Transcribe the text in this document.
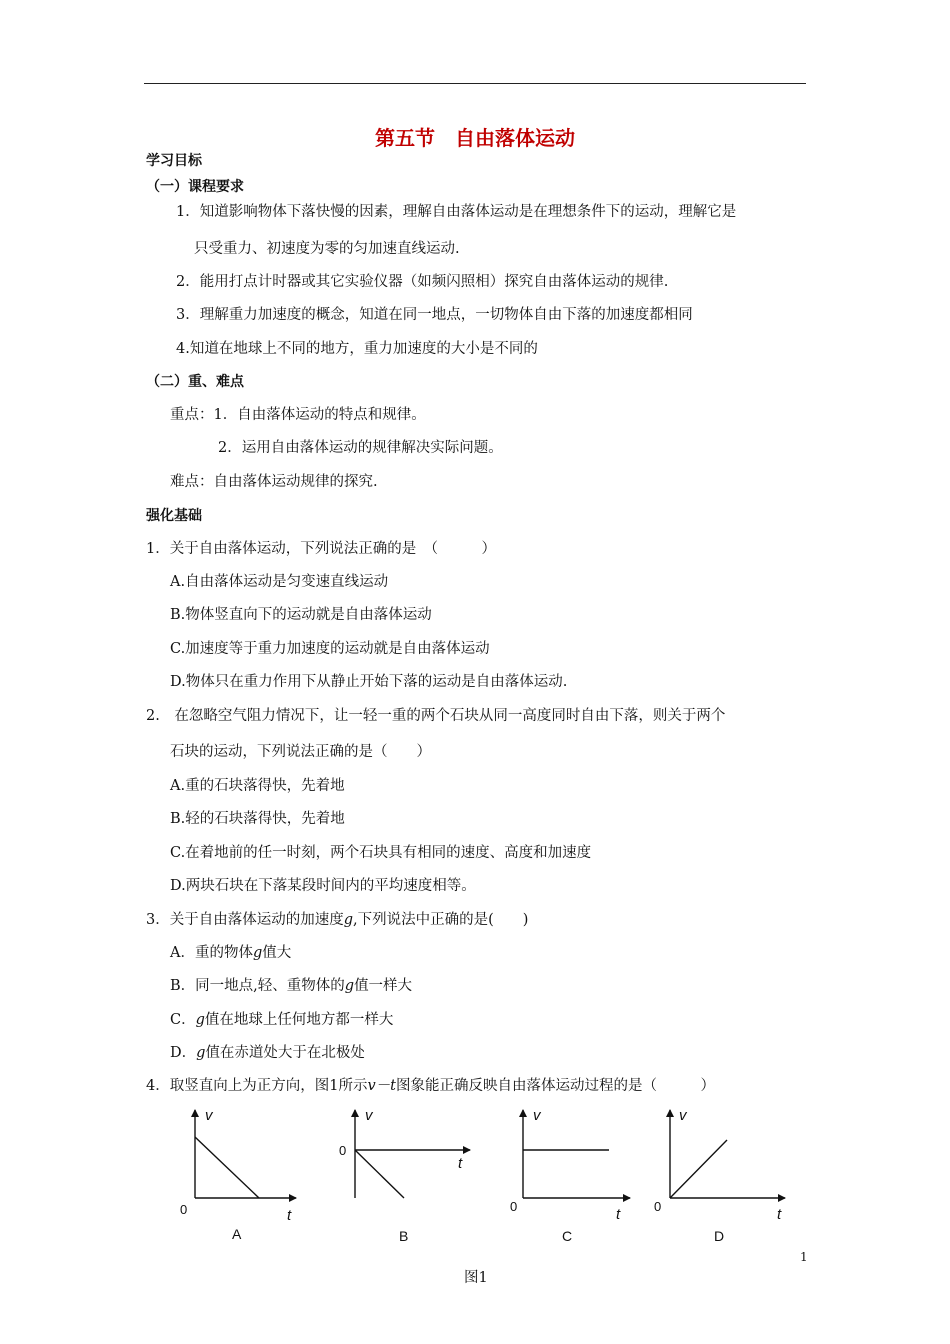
第五节　自由落体运动
学习目标
（一）课程要求
1．知道影响物体下落快慢的因素，理解自由落体运动是在理想条件下的运动，理解它是
只受重力、初速度为零的匀加速直线运动.
2．能用打点计时器或其它实验仪器（如频闪照相）探究自由落体运动的规律.
3．理解重力加速度的概念，知道在同一地点，一切物体自由下落的加速度都相同
4.知道在地球上不同的地方，重力加速度的大小是不同的
（二）重、难点
重点：1．自由落体运动的特点和规律。
2．运用自由落体运动的规律解决实际问题。
难点：自由落体运动规律的探究.
强化基础
1．关于自由落体运动，下列说法正确的是　（　　　）
A.自由落体运动是匀变速直线运动
B.物体竖直向下的运动就是自由落体运动
C.加速度等于重力加速度的运动就是自由落体运动
D.物体只在重力作用下从静止开始下落的运动是自由落体运动.
2.　在忽略空气阻力情况下，让一轻一重的两个石块从同一高度同时自由下落，则关于两个
石块的运动，下列说法正确的是（　　）
A.重的石块落得快，先着地
B.轻的石块落得快，先着地
C.在着地前的任一时刻，两个石块具有相同的速度、高度和加速度
D.两块石块在下落某段时间内的平均速度相等。
3．关于自由落体运动的加速度g,下列说法中正确的是(　　)
A．重的物体g值大
B．同一地点,轻、重物体的g值一样大
C．g值在地球上任何地方都一样大
D．g值在赤道处大于在北极处
4．取竖直向上为正方向，图1所示v－t图象能正确反映自由落体运动过程的是（　　　）
v
t
0
A
v
t
0
B
v
t
0
C
v
t
0
D
1
图1
